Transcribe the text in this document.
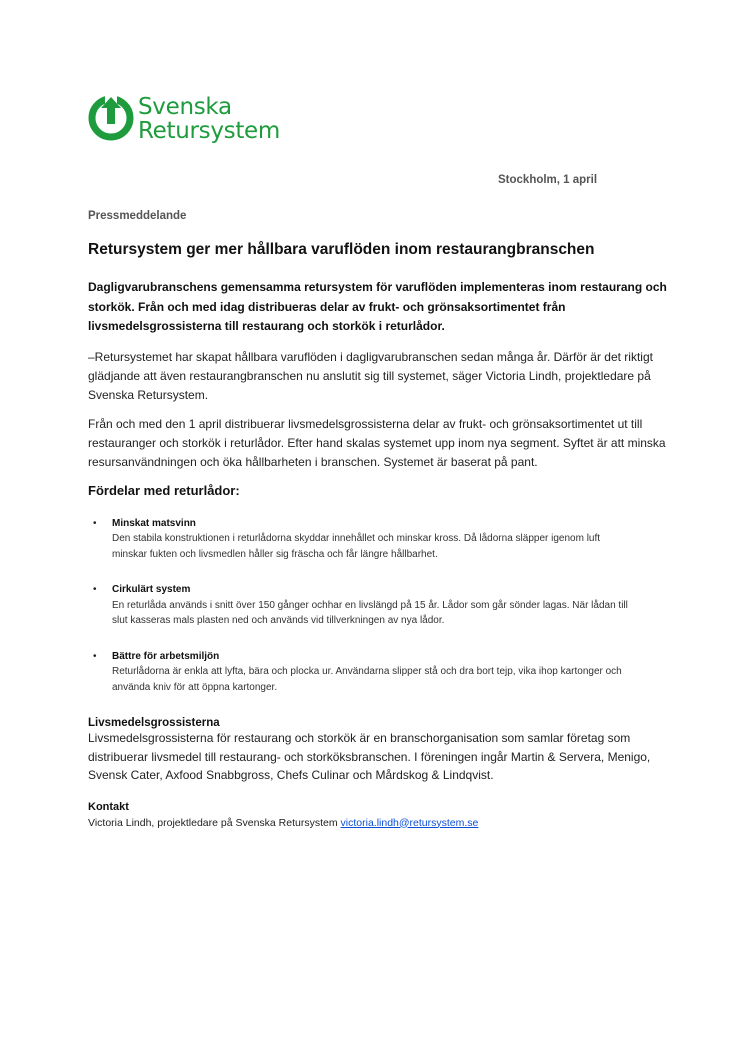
Svenska
Retursystem
Stockholm, 1 april
Pressmeddelande
Retursystem ger mer hållbara varuflöden inom restaurangbranschen

Dagligvarubranschens gemensamma retursystem för varuflöden implementeras inom restaurang och storkök. Från och med idag distribueras delar av frukt- och grönsaksortimentet från livsmedelsgrossisterna till restaurang och storkök i returlådor.

–Retursystemet har skapat hållbara varuflöden i dagligvarubranschen sedan många år. Därför är det riktigt glädjande att även restaurangbranschen nu anslutit sig till systemet, säger Victoria Lindh, projektledare på Svenska Retursystem.

Från och med den 1 april distribuerar livsmedelsgrossisterna delar av frukt- och grönsaksortimentet ut till restauranger och storkök i returlådor. Efter hand skalas systemet upp inom nya segment. Syftet är att minska resursanvändningen och öka hållbarheten i branschen. Systemet är baserat på pant.

Fördelar med returlådor:
• Minskat matsvinn
Den stabila konstruktionen i returlådorna skyddar innehållet och minskar kross. Då lådorna släpper igenom luft minskar fukten och livsmedlen håller sig fräscha och får längre hållbarhet.
• Cirkulärt system
En returlåda används i snitt över 150 gånger ochhar en livslängd på 15 år. Lådor som går sönder lagas. När lådan till slut kasseras mals plasten ned och används vid tillverkningen av nya lådor.
• Bättre för arbetsmiljön
Returlådorna är enkla att lyfta, bära och plocka ur. Användarna slipper stå och dra bort tejp, vika ihop kartonger och använda kniv för att öppna kartonger.
Livsmedelsgrossisterna

Livsmedelsgrossisterna för restaurang och storkök är en branschorganisation som samlar företag som distribuerar livsmedel till restaurang- och storköksbranschen. I föreningen ingår Martin & Servera, Menigo, Svensk Cater, Axfood Snabbgross, Chefs Culinar och Mårdskog & Lindqvist.

Kontakt

Victoria Lindh, projektledare på Svenska Retursystem victoria.lindh@retursystem.se
